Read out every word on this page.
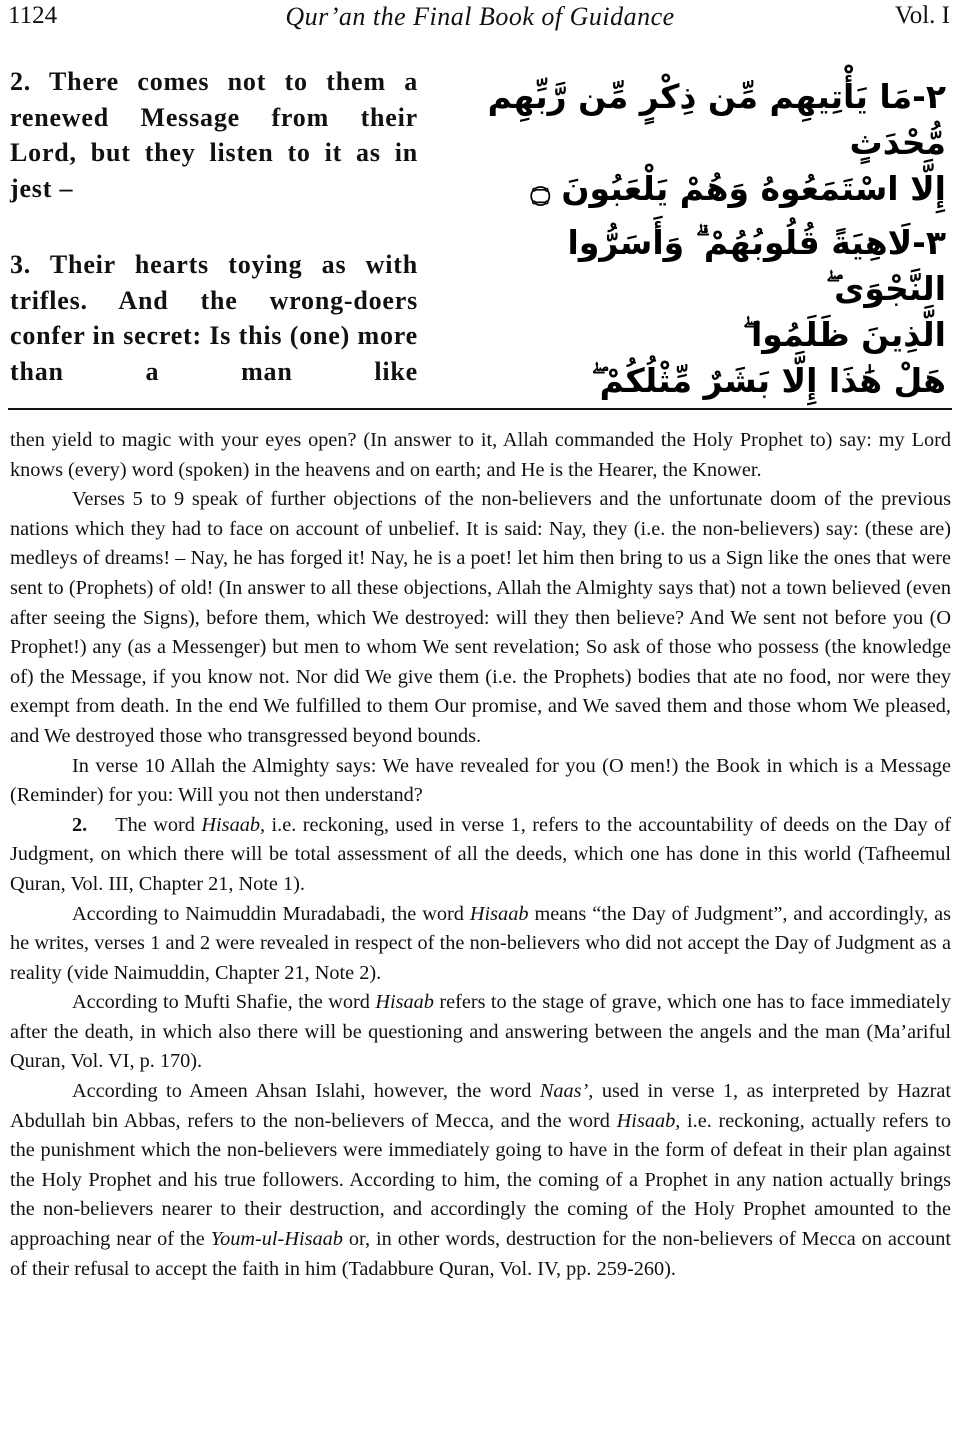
1124	Qur’an the Final Book of Guidance	Vol. I
2. There comes not to them a renewed Message from their Lord, but they listen to it as in jest –
٢-مَا يَأْتِيهِم مِّن ذِكْرٍ مِّن رَّبِّهِم مُّحْدَثٍ
إِلَّا اسْتَمَعُوهُ وَهُمْ يَلْعَبُونَ ۝
3. Their hearts toying as with trifles. And the wrong-doers confer in secret: Is this (one) more than a man like
٣-لَاهِيَةً قُلُوبُهُمْ ۗ وَأَسَرُّوا النَّجْوَى ۖ
الَّذِينَ ظَلَمُوا ۖ
هَلْ هَٰذَا إِلَّا بَشَرٌ مِّثْلُكُمْ ۖ

then yield to magic with your eyes open? (In answer to it, Allah commanded the Holy Prophet to) say: my Lord knows (every) word (spoken) in the heavens and on earth; and He is the Hearer, the Knower.

Verses 5 to 9 speak of further objections of the non-believers and the unfortunate doom of the previous nations which they had to face on account of unbelief. It is said: Nay, they (i.e. the non-believers) say: (these are) medleys of dreams! – Nay, he has forged it! Nay, he is a poet! let him then bring to us a Sign like the ones that were sent to (Prophets) of old! (In answer to all these objections, Allah the Almighty says that) not a town believed (even after seeing the Signs), before them, which We destroyed: will they then believe? And We sent not before you (O Prophet!) any (as a Messenger) but men to whom We sent revelation; So ask of those who possess (the knowledge of) the Message, if you know not. Nor did We give them (i.e. the Prophets) bodies that ate no food, nor were they exempt from death. In the end We fulfilled to them Our promise, and We saved them and those whom We pleased, and We destroyed those who transgressed beyond bounds.

In verse 10 Allah the Almighty says: We have revealed for you (O men!) the Book in which is a Message (Reminder) for you: Will you not then understand?

2. The word Hisaab, i.e. reckoning, used in verse 1, refers to the accountability of deeds on the Day of Judgment, on which there will be total assessment of all the deeds, which one has done in this world (Tafheemul Quran, Vol. III, Chapter 21, Note 1).

According to Naimuddin Muradabadi, the word Hisaab means “the Day of Judgment”, and accordingly, as he writes, verses 1 and 2 were revealed in respect of the non-believers who did not accept the Day of Judgment as a reality (vide Naimuddin, Chapter 21, Note 2).

According to Mufti Shafie, the word Hisaab refers to the stage of grave, which one has to face immediately after the death, in which also there will be questioning and answering between the angels and the man (Ma’ariful Quran, Vol. VI, p. 170).

According to Ameen Ahsan Islahi, however, the word Naas’, used in verse 1, as interpreted by Hazrat Abdullah bin Abbas, refers to the non-believers of Mecca, and the word Hisaab, i.e. reckoning, actually refers to the punishment which the non-believers were immediately going to have in the form of defeat in their plan against the Holy Prophet and his true followers. According to him, the coming of a Prophet in any nation actually brings the non-believers nearer to their destruction, and accordingly the coming of the Holy Prophet amounted to the approaching near of the Youm-ul-Hisaab or, in other words, destruction for the non-believers of Mecca on account of their refusal to accept the faith in him (Tadabbure Quran, Vol. IV, pp. 259-260).
